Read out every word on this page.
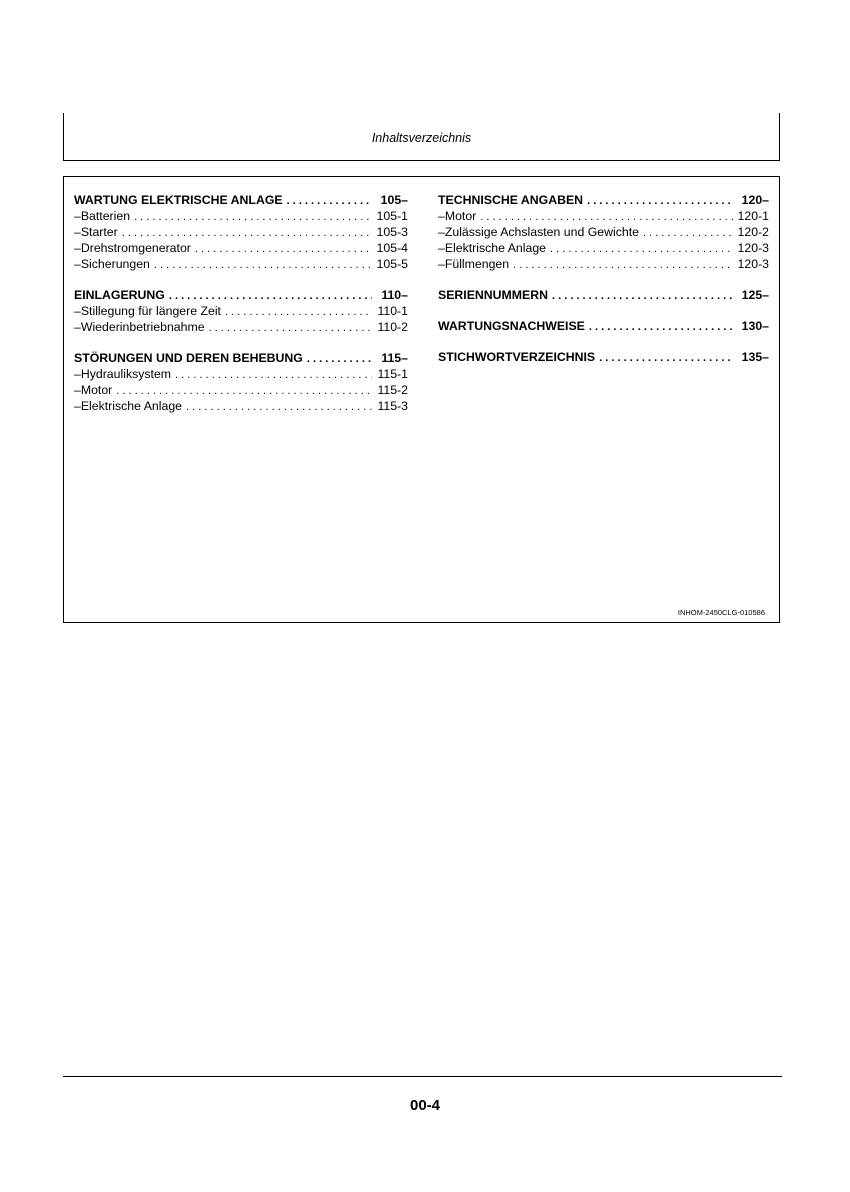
Inhaltsverzeichnis
WARTUNG ELEKTRISCHE ANLAGE . . .	105–
–Batterien . . .	105-1
–Starter . . .	105-3
–Drehstromgenerator . . .	105-4
–Sicherungen . . .	105-5
EINLAGERUNG . . .	110–
–Stillegung für längere Zeit . . .	110-1
–Wiederinbetriebnahme . . .	110-2
STÖRUNGEN UND DEREN BEHEBUNG . . .	115–
–Hydrauliksystem . . .	115-1
–Motor . . .	115-2
–Elektrische Anlage . . .	115-3
TECHNISCHE ANGABEN . . .	120–
–Motor . . .	120-1
–Zulässige Achslasten und Gewichte . . .	120-2
–Elektrische Anlage . . .	120-3
–Füllmengen . . .	120-3
SERIENNUMMERN . . .	125–
WARTUNGSNACHWEISE . . .	130–
STICHWORTVERZEICHNIS . . .	135–
INHOM-2450CLG-010586
00-4
